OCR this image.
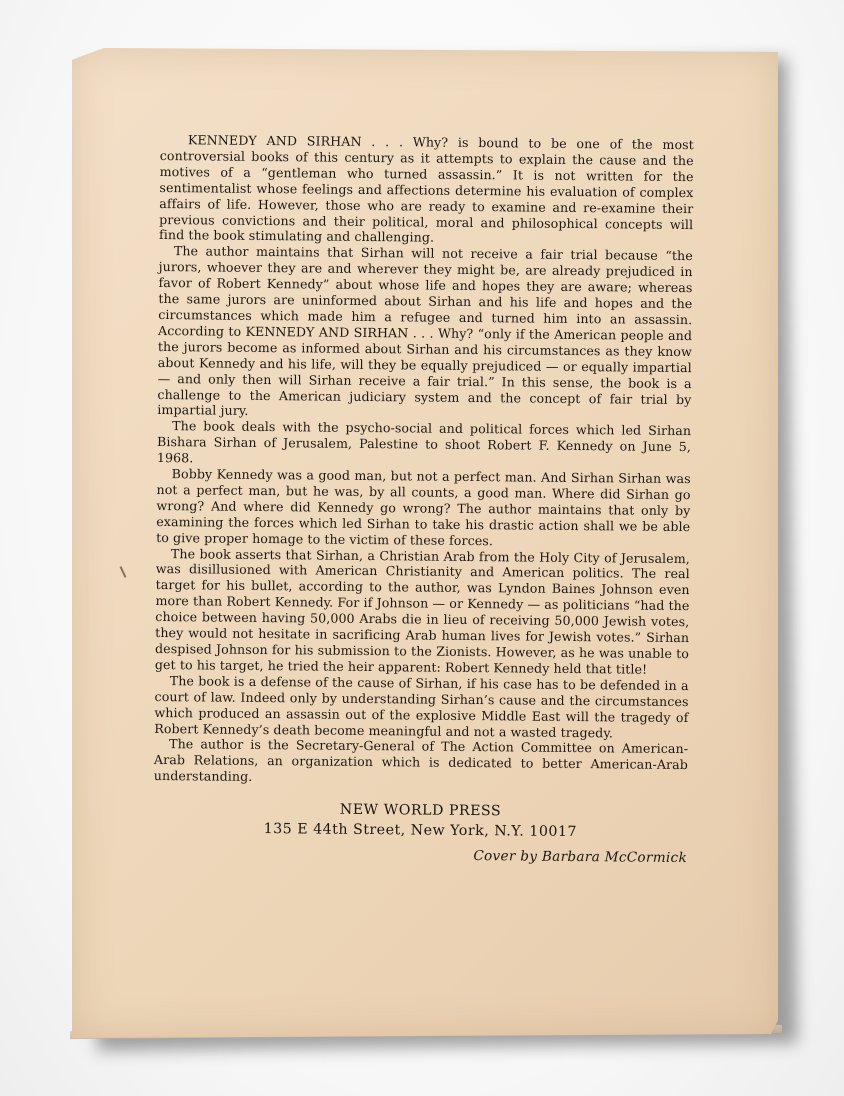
KENNEDY AND SIRHAN . . . Why? is bound to be one of the most controversial books of this century as it attempts to explain the cause and the motives of a “gentleman who turned assassin.” It is not written for the sentimentalist whose feelings and affections determine his evaluation of complex affairs of life. However, those who are ready to examine and re-examine their previous convictions and their political, moral and philosophical concepts will find the book stimulating and challenging.

The author maintains that Sirhan will not receive a fair trial because “the jurors, whoever they are and wherever they might be, are already prejudiced in favor of Robert Kennedy” about whose life and hopes they are aware; whereas the same jurors are uninformed about Sirhan and his life and hopes and the circumstances which made him a refugee and turned him into an assassin. According to KENNEDY AND SIRHAN . . . Why? “only if the American people and the jurors become as informed about Sirhan and his circumstances as they know about Kennedy and his life, will they be equally prejudiced — or equally impartial — and only then will Sirhan receive a fair trial.” In this sense, the book is a challenge to the American judiciary system and the concept of fair trial by impartial jury.

The book deals with the psycho-social and political forces which led Sirhan Bishara Sirhan of Jerusalem, Palestine to shoot Robert F. Kennedy on June 5, 1968.

Bobby Kennedy was a good man, but not a perfect man. And Sirhan Sirhan was not a perfect man, but he was, by all counts, a good man. Where did Sirhan go wrong? And where did Kennedy go wrong? The author maintains that only by examining the forces which led Sirhan to take his drastic action shall we be able to give proper homage to the victim of these forces.

The book asserts that Sirhan, a Christian Arab from the Holy City of Jerusalem, was disillusioned with American Christianity and American politics. The real target for his bullet, according to the author, was Lyndon Baines Johnson even more than Robert Kennedy. For if Johnson — or Kennedy — as politicians “had the choice between having 50,000 Arabs die in lieu of receiving 50,000 Jewish votes, they would not hesitate in sacrificing Arab human lives for Jewish votes.” Sirhan despised Johnson for his submission to the Zionists. However, as he was unable to get to his target, he tried the heir apparent: Robert Kennedy held that title!

The book is a defense of the cause of Sirhan, if his case has to be defended in a court of law. Indeed only by understanding Sirhan’s cause and the circumstances which produced an assassin out of the explosive Middle East will the tragedy of Robert Kennedy’s death become meaningful and not a wasted tragedy.

The author is the Secretary-General of The Action Committee on American-Arab Relations, an organization which is dedicated to better American-Arab understanding.

NEW WORLD PRESS
135 E 44th Street, New York, N.Y. 10017
Cover by Barbara McCormick
